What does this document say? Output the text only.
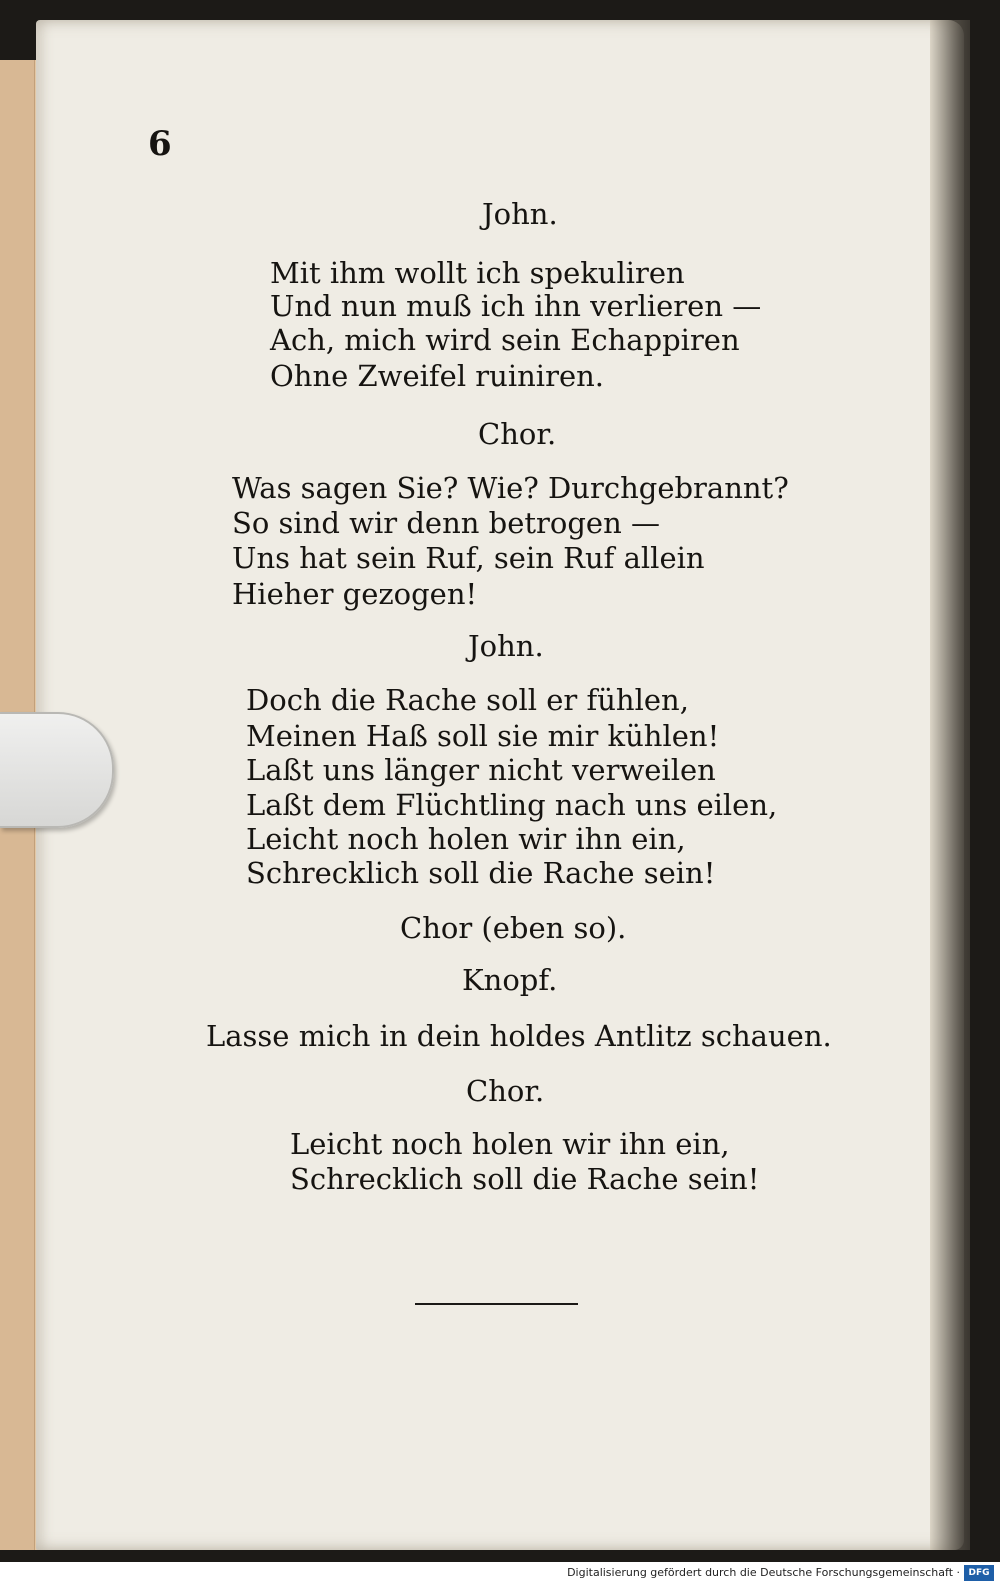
6
John.
Mit ihm wollt ich spekuliren
Und nun muß ich ihn verlieren —
Ach, mich wird sein Echappiren
Ohne Zweifel ruiniren.
Chor.
Was sagen Sie? Wie? Durchgebrannt?
So sind wir denn betrogen —
Uns hat sein Ruf, sein Ruf allein
Hieher gezogen!
John.
Doch die Rache soll er fühlen,
Meinen Haß soll sie mir kühlen!
Laßt uns länger nicht verweilen
Laßt dem Flüchtling nach uns eilen,
Leicht noch holen wir ihn ein,
Schrecklich soll die Rache sein!
Chor (eben so).
Knopf.
Lasse mich in dein holdes Antlitz schauen.
Chor.
Leicht noch holen wir ihn ein,
Schrecklich soll die Rache sein!
Digitalisierung gefördert durch die Deutsche Forschungsgemeinschaft · DFG
